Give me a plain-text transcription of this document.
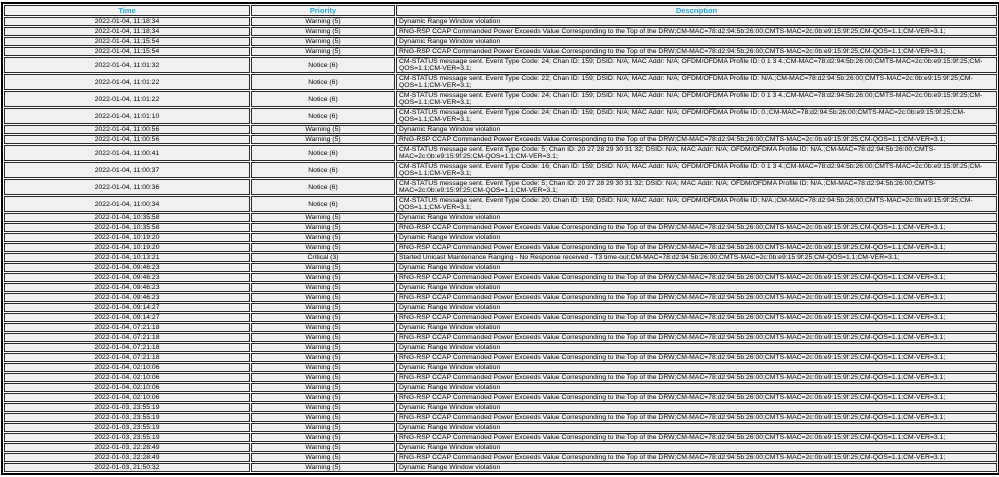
Time	Priority	Description
2022-01-04, 11:18:34	Warning (5)	Dynamic Range Window violation
2022-01-04, 11:18:34	Warning (5)	RNG-RSP CCAP Commanded Power Exceeds Value Corresponding to the Top of the DRW;CM-MAC=78:d2:94:5b:26:00;CMTS-MAC=2c:0b:e9:15:9f:25;CM-QOS=1.1;CM-VER=3.1;
2022-01-04, 11:15:54	Warning (5)	Dynamic Range Window violation
2022-01-04, 11:15:54	Warning (5)	RNG-RSP CCAP Commanded Power Exceeds Value Corresponding to the Top of the DRW;CM-MAC=78:d2:94:5b:26:00;CMTS-MAC=2c:0b:e9:15:9f:25;CM-QOS=1.1;CM-VER=3.1;
2022-01-04, 11:01:32	Notice (6)	CM-STATUS message sent. Event Type Code: 24; Chan ID: 159; DSID: N/A; MAC Addr: N/A; OFDM/OFDMA Profile ID: 0 1 3 4.;CM-MAC=78:d2:94:5b:26:00;CMTS-MAC=2c:0b:e9:15:9f:25;CM-QOS=1.1;CM-VER=3.1;
2022-01-04, 11:01:22	Notice (6)	CM-STATUS message sent. Event Type Code: 22; Chan ID: 159; DSID: N/A; MAC Addr: N/A; OFDM/OFDMA Profile ID: N/A.;CM-MAC=78:d2:94:5b:26:00;CMTS-MAC=2c:0b:e9:15:9f:25;CM-QOS=1.1;CM-VER=3.1;
2022-01-04, 11:01:22	Notice (6)	CM-STATUS message sent. Event Type Code: 24; Chan ID: 159; DSID: N/A; MAC Addr: N/A; OFDM/OFDMA Profile ID: 0 1 3 4.;CM-MAC=78:d2:94:5b:26:00;CMTS-MAC=2c:0b:e9:15:9f:25;CM-QOS=1.1;CM-VER=3.1;
2022-01-04, 11:01:10	Notice (6)	CM-STATUS message sent. Event Type Code: 24; Chan ID: 159; DSID: N/A; MAC Addr: N/A; OFDM/OFDMA Profile ID: 0.;CM-MAC=78:d2:94:5b:26:00;CMTS-MAC=2c:0b:e9:15:9f:25;CM-QOS=1.1;CM-VER=3.1;
2022-01-04, 11:00:56	Warning (5)	Dynamic Range Window violation
2022-01-04, 11:00:56	Warning (5)	RNG-RSP CCAP Commanded Power Exceeds Value Corresponding to the Top of the DRW;CM-MAC=78:d2:94:5b:26:00;CMTS-MAC=2c:0b:e9:15:9f:25;CM-QOS=1.1;CM-VER=3.1;
2022-01-04, 11:00:41	Notice (6)	CM-STATUS message sent. Event Type Code: 5; Chan ID: 20 27 28 29 30 31 32; DSID: N/A; MAC Addr: N/A; OFDM/OFDMA Profile ID: N/A.;CM-MAC=78:d2:94:5b:26:00;CMTS-MAC=2c:0b:e9:15:9f:25;CM-QOS=1.1;CM-VER=3.1;
2022-01-04, 11:00:37	Notice (6)	CM-STATUS message sent. Event Type Code: 16; Chan ID: 159; DSID: N/A; MAC Addr: N/A; OFDM/OFDMA Profile ID: 0 1 3 4.;CM-MAC=78:d2:94:5b:26:00;CMTS-MAC=2c:0b:e9:15:9f:25;CM-QOS=1.1;CM-VER=3.1;
2022-01-04, 11:00:36	Notice (6)	CM-STATUS message sent. Event Type Code: 5; Chan ID: 20 27 28 29 30 31 32; DSID: N/A; MAC Addr: N/A; OFDM/OFDMA Profile ID: N/A.;CM-MAC=78:d2:94:5b:26:00;CMTS-MAC=2c:0b:e9:15:9f:25;CM-QOS=1.1;CM-VER=3.1;
2022-01-04, 11:00:34	Notice (6)	CM-STATUS message sent. Event Type Code: 20; Chan ID: 159; DSID: N/A; MAC Addr: N/A; OFDM/OFDMA Profile ID: N/A.;CM-MAC=78:d2:94:5b:26:00;CMTS-MAC=2c:0b:e9:15:9f:25;CM-QOS=1.1;CM-VER=3.1;
2022-01-04, 10:35:58	Warning (5)	Dynamic Range Window violation
2022-01-04, 10:35:58	Warning (5)	RNG-RSP CCAP Commanded Power Exceeds Value Corresponding to the Top of the DRW;CM-MAC=78:d2:94:5b:26:00;CMTS-MAC=2c:0b:e9:15:9f:25;CM-QOS=1.1;CM-VER=3.1;
2022-01-04, 10:19:20	Warning (5)	Dynamic Range Window violation
2022-01-04, 10:19:20	Warning (5)	RNG-RSP CCAP Commanded Power Exceeds Value Corresponding to the Top of the DRW;CM-MAC=78:d2:94:5b:26:00;CMTS-MAC=2c:0b:e9:15:9f:25;CM-QOS=1.1;CM-VER=3.1;
2022-01-04, 10:13:21	Critical (3)	Started Unicast Maintenance Ranging - No Response received - T3 time-out;CM-MAC=78:d2:94:5b:26:00;CMTS-MAC=2c:0b:e9:15:9f:25;CM-QOS=1.1;CM-VER=3.1;
2022-01-04, 09:46:23	Warning (5)	Dynamic Range Window violation
2022-01-04, 09:46:23	Warning (5)	RNG-RSP CCAP Commanded Power Exceeds Value Corresponding to the Top of the DRW;CM-MAC=78:d2:94:5b:26:00;CMTS-MAC=2c:0b:e9:15:9f:25;CM-QOS=1.1;CM-VER=3.1;
2022-01-04, 09:46:23	Warning (5)	Dynamic Range Window violation
2022-01-04, 09:46:23	Warning (5)	RNG-RSP CCAP Commanded Power Exceeds Value Corresponding to the Top of the DRW;CM-MAC=78:d2:94:5b:26:00;CMTS-MAC=2c:0b:e9:15:9f:25;CM-QOS=1.1;CM-VER=3.1;
2022-01-04, 09:14:27	Warning (5)	Dynamic Range Window violation
2022-01-04, 09:14:27	Warning (5)	RNG-RSP CCAP Commanded Power Exceeds Value Corresponding to the Top of the DRW;CM-MAC=78:d2:94:5b:26:00;CMTS-MAC=2c:0b:e9:15:9f:25;CM-QOS=1.1;CM-VER=3.1;
2022-01-04, 07:21:18	Warning (5)	Dynamic Range Window violation
2022-01-04, 07:21:18	Warning (5)	RNG-RSP CCAP Commanded Power Exceeds Value Corresponding to the Top of the DRW;CM-MAC=78:d2:94:5b:26:00;CMTS-MAC=2c:0b:e9:15:9f:25;CM-QOS=1.1;CM-VER=3.1;
2022-01-04, 07:21:18	Warning (5)	Dynamic Range Window violation
2022-01-04, 07:21:18	Warning (5)	RNG-RSP CCAP Commanded Power Exceeds Value Corresponding to the Top of the DRW;CM-MAC=78:d2:94:5b:26:00;CMTS-MAC=2c:0b:e9:15:9f:25;CM-QOS=1.1;CM-VER=3.1;
2022-01-04, 02:10:06	Warning (5)	Dynamic Range Window violation
2022-01-04, 02:10:06	Warning (5)	RNG-RSP CCAP Commanded Power Exceeds Value Corresponding to the Top of the DRW;CM-MAC=78:d2:94:5b:26:00;CMTS-MAC=2c:0b:e9:15:9f:25;CM-QOS=1.1;CM-VER=3.1;
2022-01-04, 02:10:06	Warning (5)	Dynamic Range Window violation
2022-01-04, 02:10:06	Warning (5)	RNG-RSP CCAP Commanded Power Exceeds Value Corresponding to the Top of the DRW;CM-MAC=78:d2:94:5b:26:00;CMTS-MAC=2c:0b:e9:15:9f:25;CM-QOS=1.1;CM-VER=3.1;
2022-01-03, 23:55:19	Warning (5)	Dynamic Range Window violation
2022-01-03, 23:55:19	Warning (5)	RNG-RSP CCAP Commanded Power Exceeds Value Corresponding to the Top of the DRW;CM-MAC=78:d2:94:5b:26:00;CMTS-MAC=2c:0b:e9:15:9f:25;CM-QOS=1.1;CM-VER=3.1;
2022-01-03, 23:55:19	Warning (5)	Dynamic Range Window violation
2022-01-03, 23:55:19	Warning (5)	RNG-RSP CCAP Commanded Power Exceeds Value Corresponding to the Top of the DRW;CM-MAC=78:d2:94:5b:26:00;CMTS-MAC=2c:0b:e9:15:9f:25;CM-QOS=1.1;CM-VER=3.1;
2022-01-03, 22:28:49	Warning (5)	Dynamic Range Window violation
2022-01-03, 22:28:49	Warning (5)	RNG-RSP CCAP Commanded Power Exceeds Value Corresponding to the Top of the DRW;CM-MAC=78:d2:94:5b:26:00;CMTS-MAC=2c:0b:e9:15:9f:25;CM-QOS=1.1;CM-VER=3.1;
2022-01-03, 21:50:32	Warning (5)	Dynamic Range Window violation
